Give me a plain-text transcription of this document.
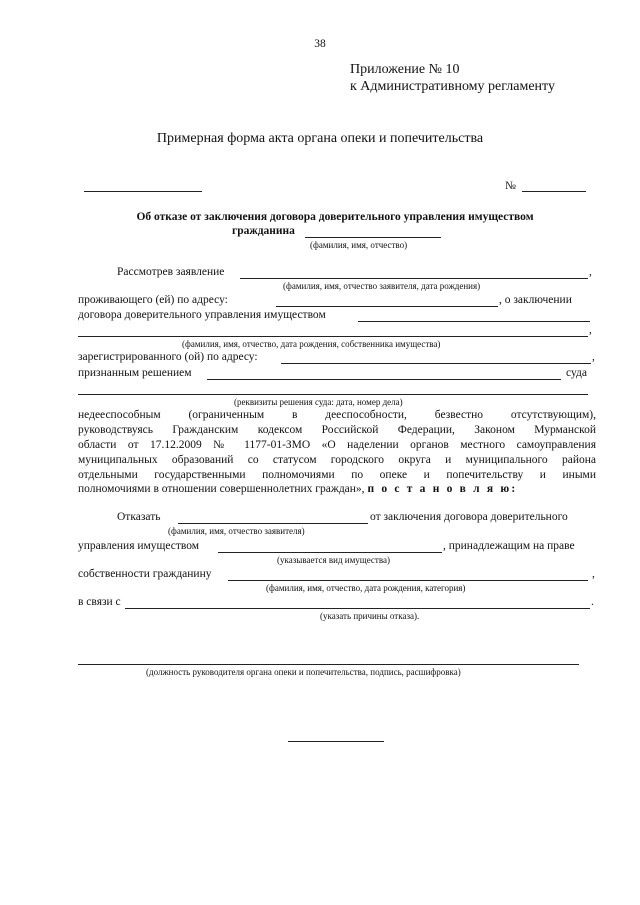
38
Приложение № 10
к Административному регламенту
Примерная форма акта органа опеки и попечительства
№
Об отказе от заключения договора доверительного управления имуществом
гражданина
(фамилия, имя, отчество)
Рассмотрев заявление	,
(фамилия, имя, отчество заявителя, дата рождения)
проживающего (ей) по адресу:	, о заключении
договора доверительного управления имуществом
,
(фамилия, имя, отчество, дата рождения, собственника имущества)
зарегистрированного (ой) по адресу:	,
признанным решением	суда
(реквизиты решения суда: дата, номер дела)
недееспособным (ограниченным в дееспособности, безвестно отсутствующим),
руководствуясь Гражданским кодексом Российской Федерации, Законом Мурманской
области от 17.12.2009 № 1177-01-ЗМО «О наделении органов местного самоуправления
муниципальных образований со статусом городского округа и муниципального района
отдельными государственными полномочиями по опеке и попечительству и иными
полномочиями в отношении совершеннолетних граждан», п о с т а н о в л я ю:
Отказать	от заключения договора доверительного
(фамилия, имя, отчество заявителя)
управления имуществом	, принадлежащим на праве
(указывается вид имущества)
собственности гражданину	,
(фамилия, имя, отчество, дата рождения, категория)
в связи с	.
(указать причины отказа).
(должность руководителя органа опеки и попечительства, подпись, расшифровка)
